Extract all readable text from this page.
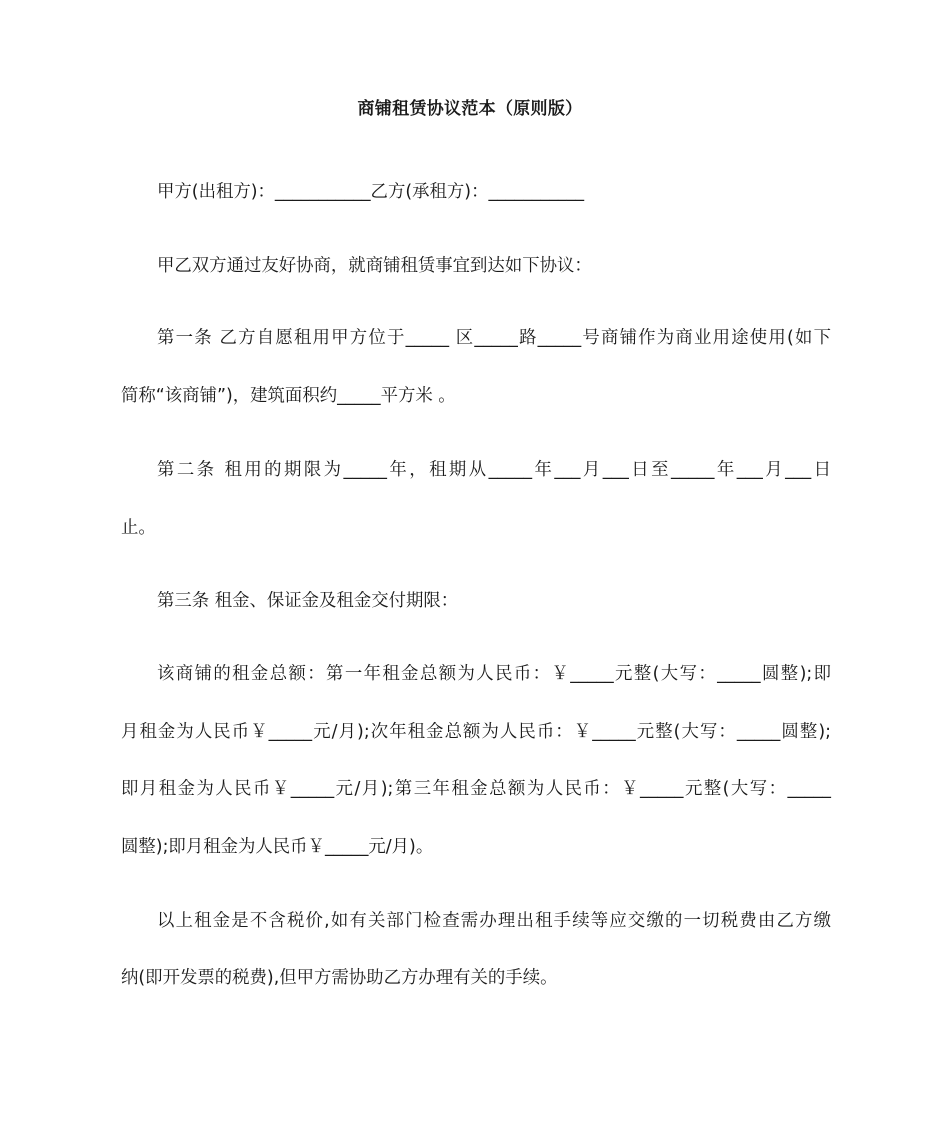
商铺租赁协议范本（原则版）
甲方(出租方)：___________乙方(承租方)：___________
甲乙双方通过友好协商，就商铺租赁事宜到达如下协议：
第一条 乙方自愿租用甲方位于_____ 区_____路_____号商铺作为商业用途使用(如下
简称“该商铺”)，建筑面积约_____平方米 。
第二条 租用的期限为_____年，租期从_____年___月___日至_____年___月___日
止。
第三条 租金、保证金及租金交付期限：
该商铺的租金总额：第一年租金总额为人民币：￥_____元整(大写：_____圆整);即
月租金为人民币￥_____元/月);次年租金总额为人民币：￥_____元整(大写：_____圆整);
即月租金为人民币￥_____元/月);第三年租金总额为人民币：￥_____元整(大写：_____
圆整);即月租金为人民币￥_____元/月)。
以上租金是不含税价,如有关部门检查需办理出租手续等应交缴的一切税费由乙方缴
纳(即开发票的税费),但甲方需协助乙方办理有关的手续。
